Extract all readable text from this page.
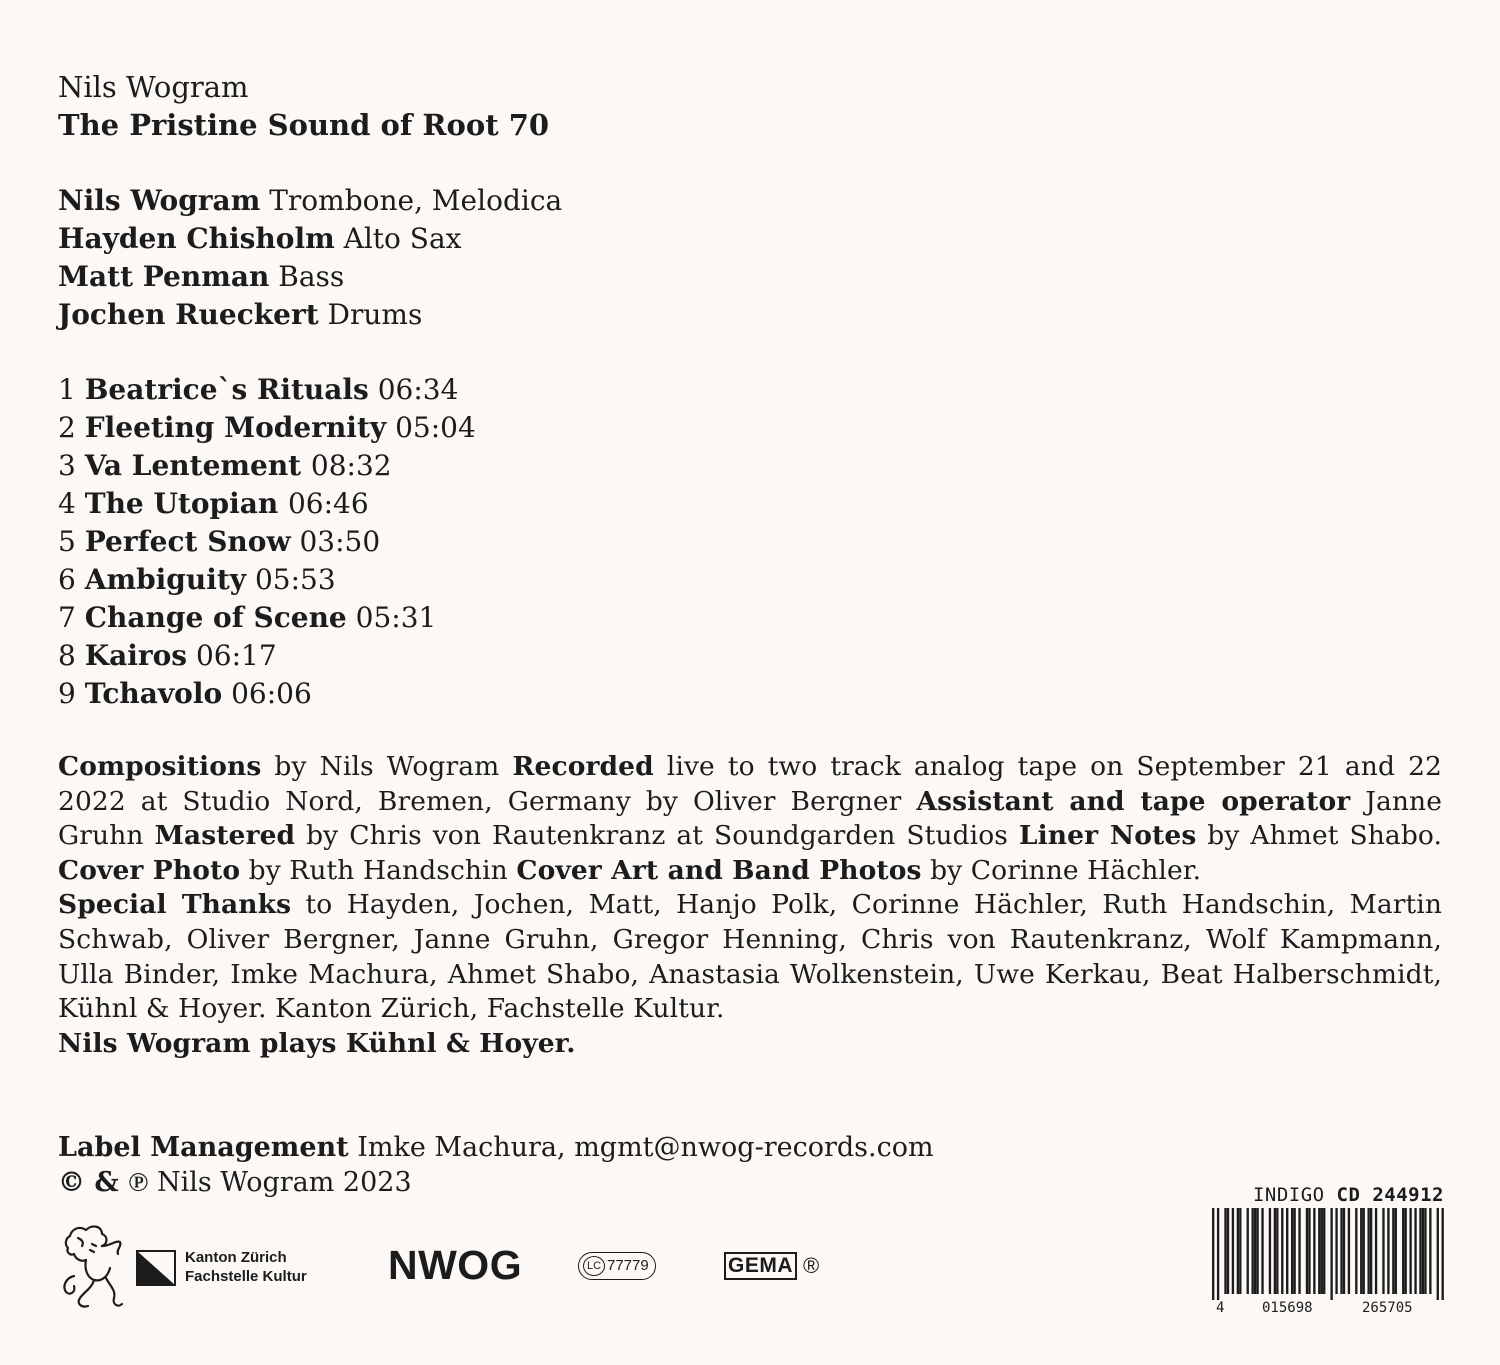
Nils Wogram
The Pristine Sound of Root 70
Nils Wogram Trombone, Melodica
Hayden Chisholm Alto Sax
Matt Penman Bass
Jochen Rueckert Drums
1 Beatrice`s Rituals 06:34
2 Fleeting Modernity 05:04
3 Va Lentement 08:32
4 The Utopian 06:46
5 Perfect Snow 03:50
6 Ambiguity 05:53
7 Change of Scene 05:31
8 Kairos 06:17
9 Tchavolo 06:06

Compositions by Nils Wogram Recorded live to two track analog tape on September 21 and 22 2022 at Studio Nord, Bremen, Germany by Oliver Bergner Assistant and tape operator Janne Gruhn Mastered by Chris von Rautenkranz at Soundgarden Studios Liner Notes by Ahmet Shabo. Cover Photo by Ruth Handschin Cover Art and Band Photos by Corinne Hächler.

Special Thanks to Hayden, Jochen, Matt, Hanjo Polk, Corinne Hächler, Ruth Handschin, Martin Schwab, Oliver Bergner, Janne Gruhn, Gregor Henning, Chris von Rautenkranz, Wolf Kampmann, Ulla Binder, Imke Machura, Ahmet Shabo, Anastasia Wolkenstein, Uwe Kerkau, Beat Halberschmidt, Kühnl & Hoyer. Kanton Zürich, Fachstelle Kultur.

Nils Wogram plays Kühnl & Hoyer.

Label Management Imke Machura, mgmt@nwog-records.com
© & ℗ Nils Wogram 2023
Kanton Zürich
Fachstelle Kultur NWOG	LC 77779	GEMA ®
INDIGO CD 244912
4	015698	265705
